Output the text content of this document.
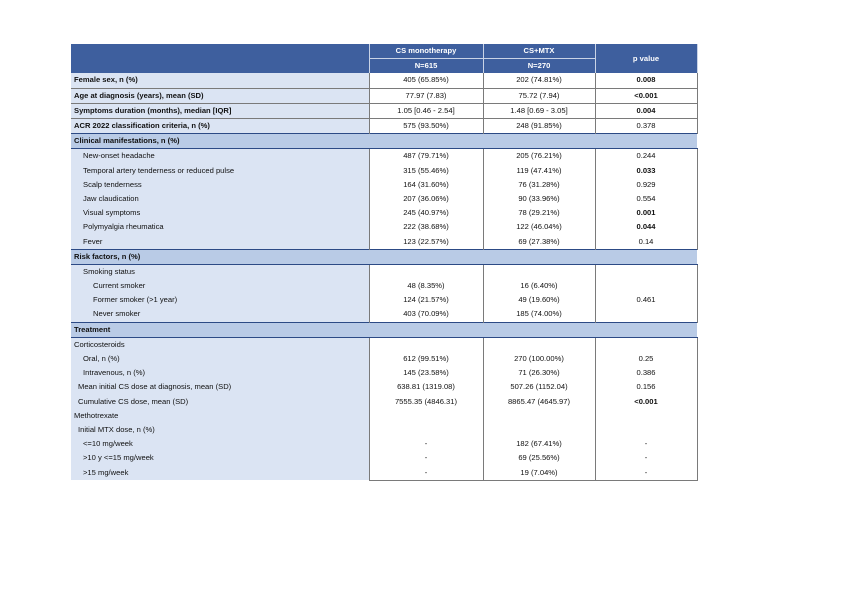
	CS monotherapy	CS+MTX	p value
	N=615	N=270	
Female sex, n (%)	405 (65.85%)	202 (74.81%)	0.008
Age at diagnosis (years), mean (SD)	77.97 (7.83)	75.72 (7.94)	<0.001
Symptoms duration (months), median [IQR]	1.05 [0.46 - 2.54]	1.48 [0.69 - 3.05]	0.004
ACR 2022 classification criteria, n (%)	575 (93.50%)	248 (91.85%)	0.378
Clinical manifestations, n (%)			
New-onset headache	487 (79.71%)	205 (76.21%)	0.244
Temporal artery tenderness or reduced pulse	315 (55.46%)	119 (47.41%)	0.033
Scalp tenderness	164 (31.60%)	76 (31.28%)	0.929
Jaw claudication	207 (36.06%)	90 (33.96%)	0.554
Visual symptoms	245 (40.97%)	78 (29.21%)	0.001
Polymyalgia rheumatica	222 (38.68%)	122 (46.04%)	0.044
Fever	123 (22.57%)	69 (27.38%)	0.14
Risk factors, n (%)			
Smoking status			
Current smoker	48 (8.35%)	16 (6.40%)	0.461
Former smoker (>1 year)	124 (21.57%)	49 (19.60%)	
Never smoker	403 (70.09%)	185 (74.00%)	
Treatment			
Corticosteroids			
Oral, n (%)	612 (99.51%)	270 (100.00%)	0.25
Intravenous, n (%)	145 (23.58%)	71 (26.30%)	0.386
Mean initial CS dose at diagnosis, mean (SD)	638.81 (1319.08)	507.26 (1152.04)	0.156
Cumulative CS dose, mean (SD)	7555.35 (4846.31)	8865.47 (4645.97)	<0.001
Methotrexate			
Initial MTX dose, n (%)			
<=10 mg/week	-	182 (67.41%)	-
>10 y <=15 mg/week	-	69 (25.56%)	-
>15 mg/week	-	19 (7.04%)	-
